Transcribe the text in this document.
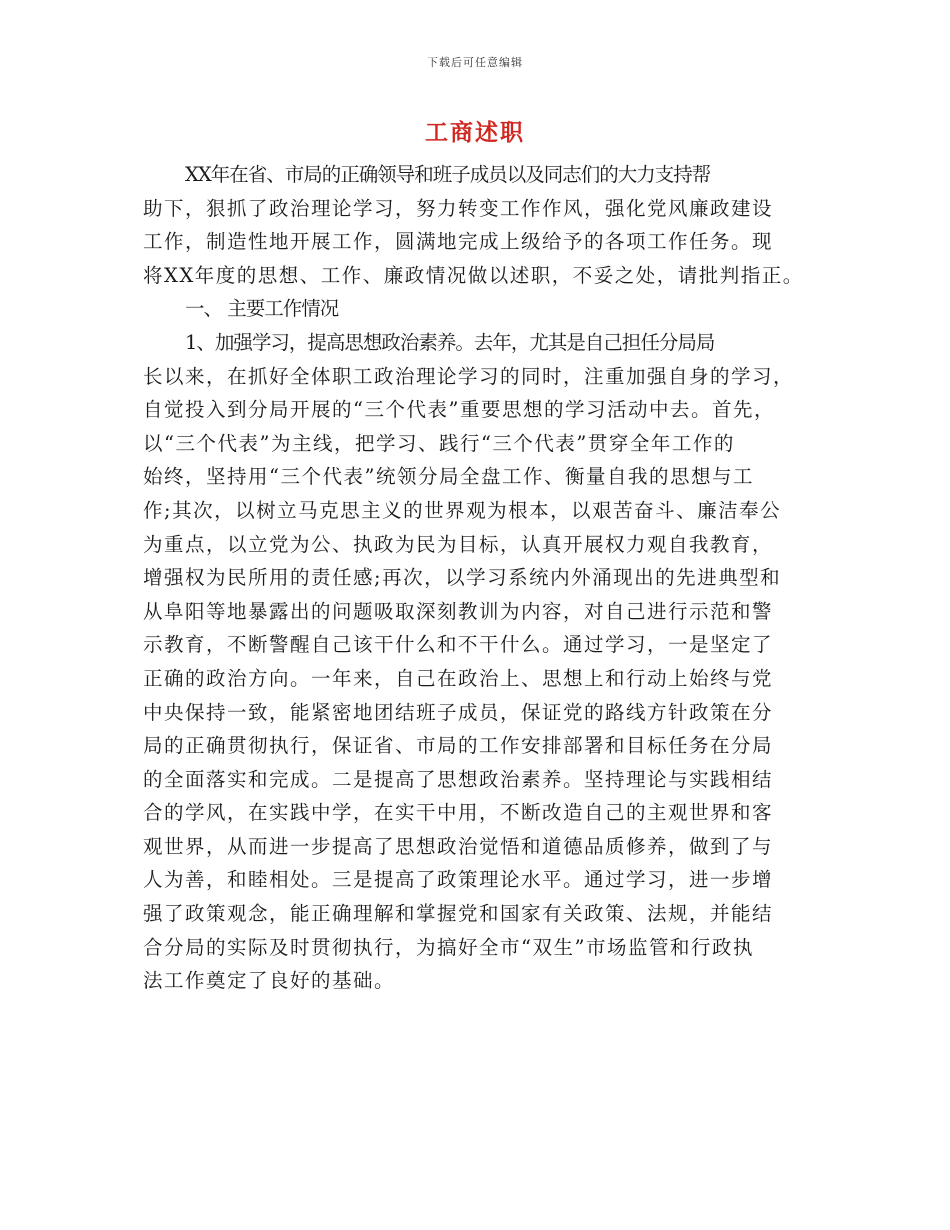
下载后可任意编辑
工商述职
XX年在省、市局的正确领导和班子成员以及同志们的大力支持帮
助下，狠抓了政治理论学习，努力转变工作作风，强化党风廉政建设
工作，制造性地开展工作，圆满地完成上级给予的各项工作任务。现
将XX年度的思想、工作、廉政情况做以述职，不妥之处，请批判指正。
一、 主要工作情况
1、加强学习，提高思想政治素养。去年，尤其是自己担任分局局
长以来，在抓好全体职工政治理论学习的同时，注重加强自身的学习，
自觉投入到分局开展的“三个代表”重要思想的学习活动中去。首先，
以“三个代表”为主线，把学习、践行“三个代表”贯穿全年工作的
始终，坚持用“三个代表”统领分局全盘工作、衡量自我的思想与工
作;其次，以树立马克思主义的世界观为根本，以艰苦奋斗、廉洁奉公
为重点，以立党为公、执政为民为目标，认真开展权力观自我教育，
增强权为民所用的责任感;再次，以学习系统内外涌现出的先进典型和
从阜阳等地暴露出的问题吸取深刻教训为内容，对自己进行示范和警
示教育，不断警醒自己该干什么和不干什么。通过学习，一是坚定了
正确的政治方向。一年来，自己在政治上、思想上和行动上始终与党
中央保持一致，能紧密地团结班子成员，保证党的路线方针政策在分
局的正确贯彻执行，保证省、市局的工作安排部署和目标任务在分局
的全面落实和完成。二是提高了思想政治素养。坚持理论与实践相结
合的学风，在实践中学，在实干中用，不断改造自己的主观世界和客
观世界，从而进一步提高了思想政治觉悟和道德品质修养，做到了与
人为善，和睦相处。三是提高了政策理论水平。通过学习，进一步增
强了政策观念，能正确理解和掌握党和国家有关政策、法规，并能结
合分局的实际及时贯彻执行，为搞好全市“双生”市场监管和行政执
法工作奠定了良好的基础。
